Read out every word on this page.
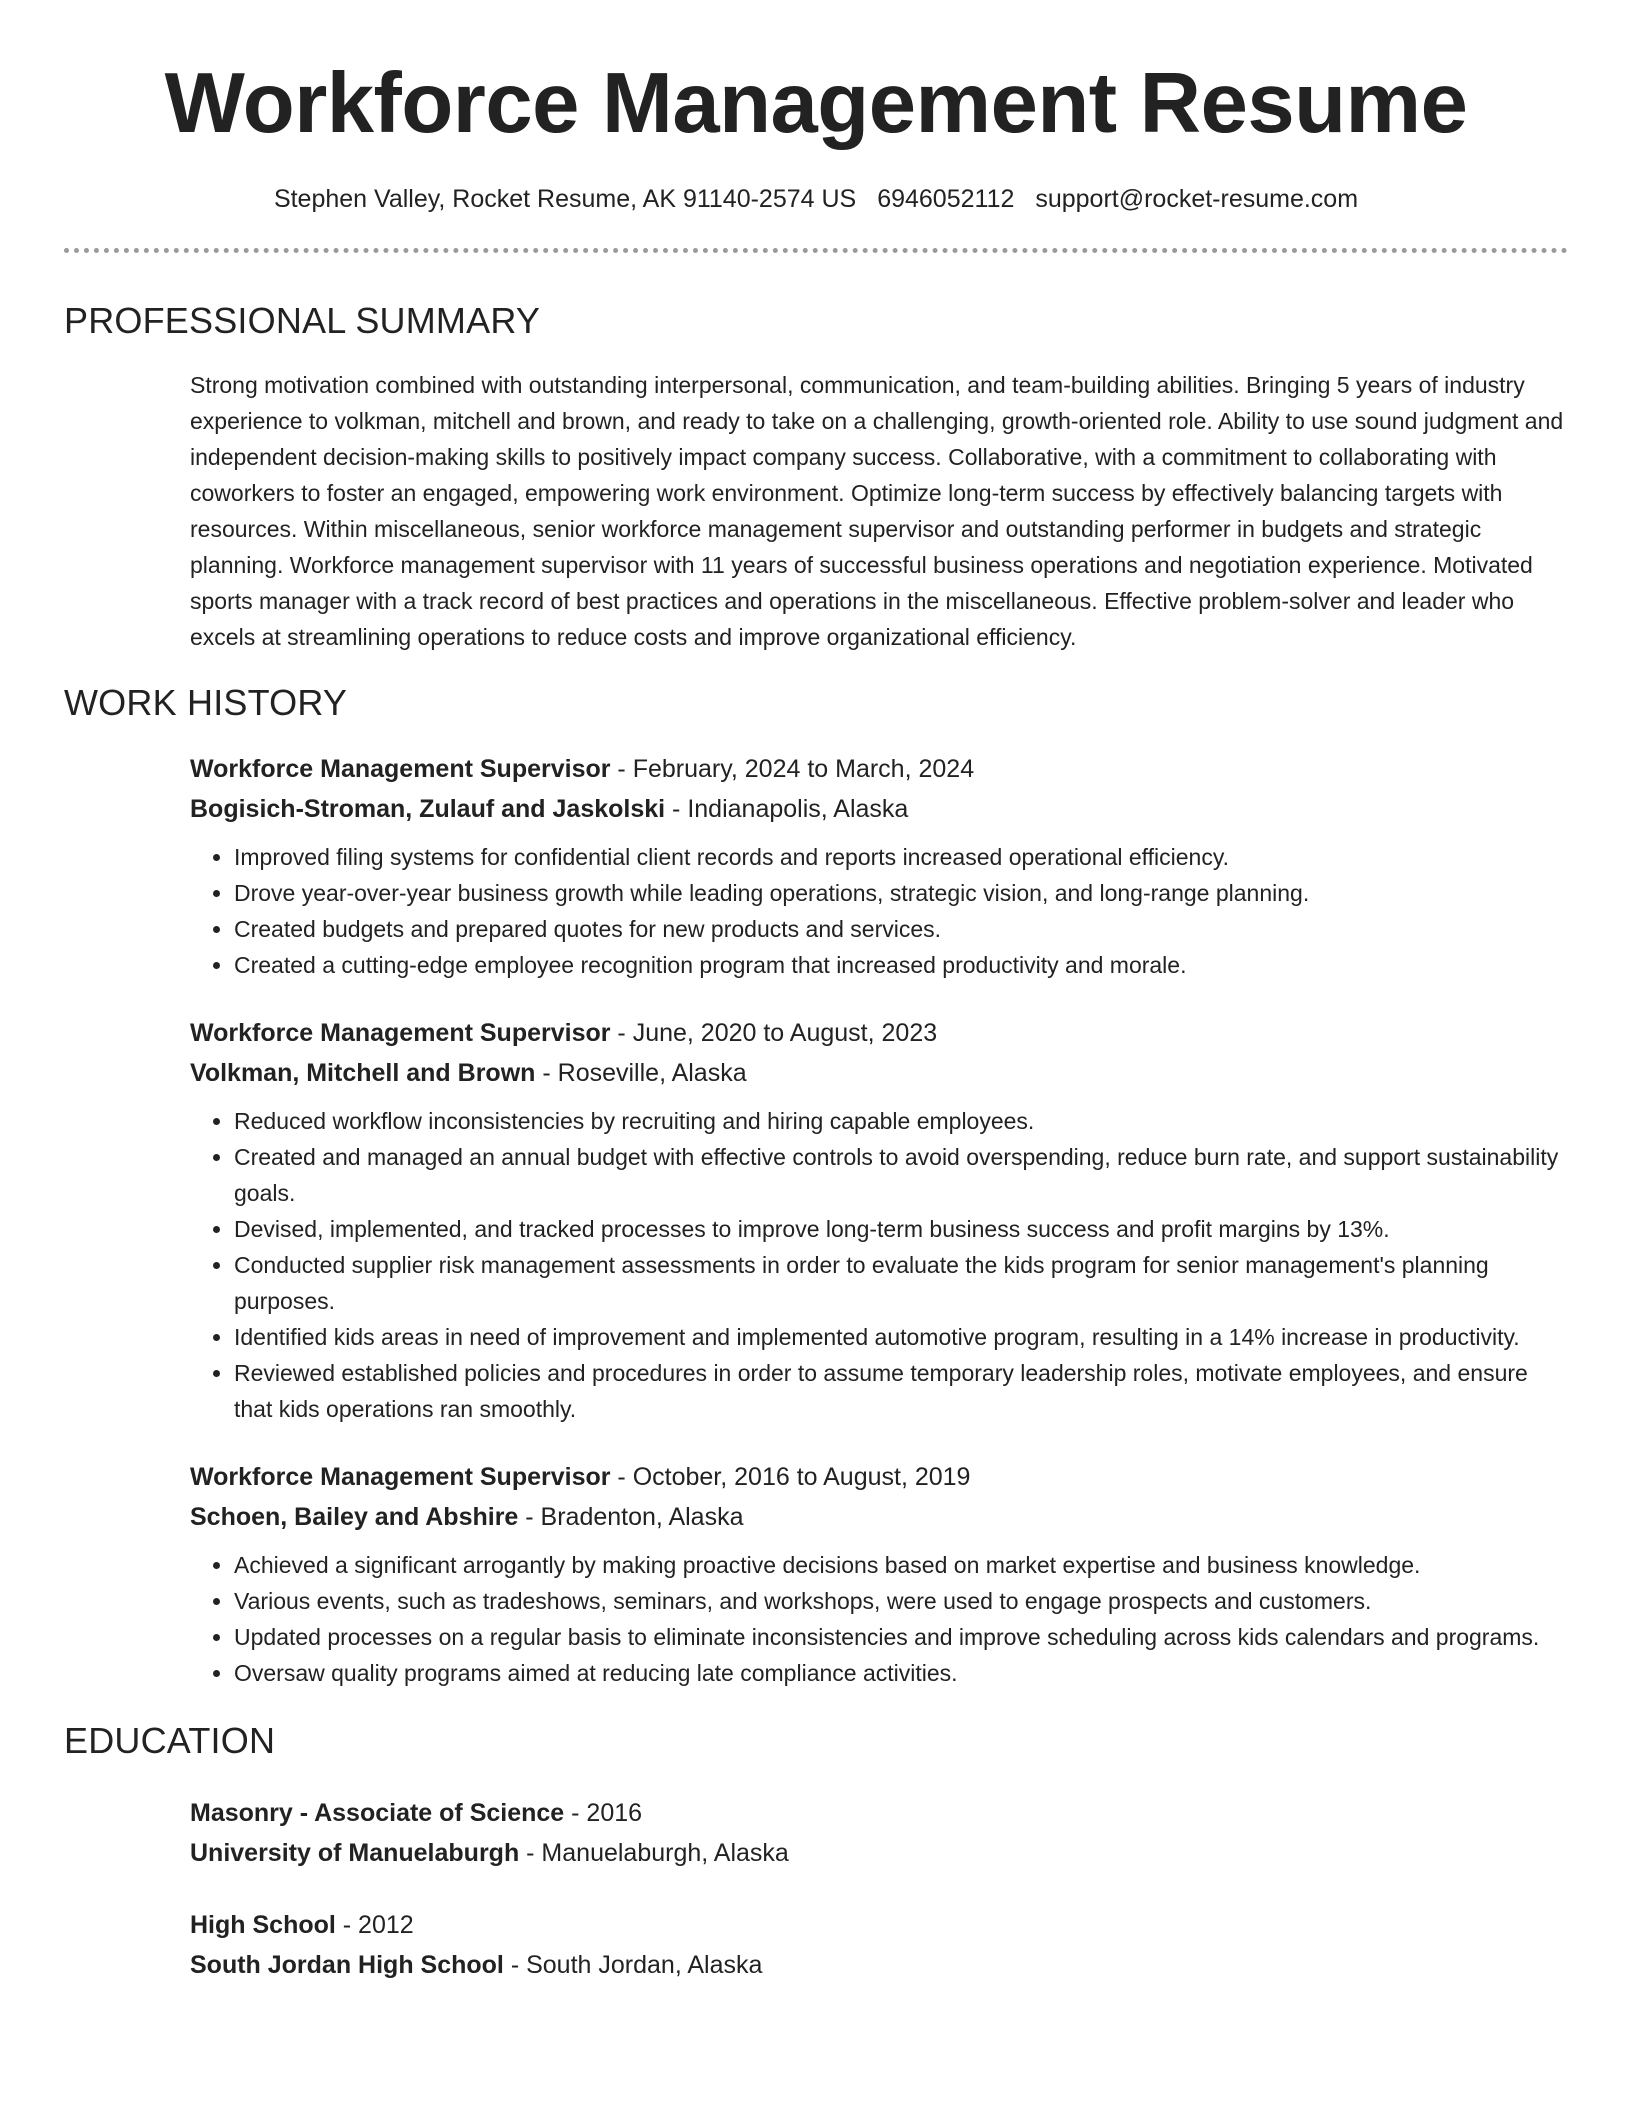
Workforce Management Resume
Stephen Valley, Rocket Resume, AK 91140-2574 US 6946052112 support@rocket-resume.com
PROFESSIONAL SUMMARY

Strong motivation combined with outstanding interpersonal, communication, and team-building abilities. Bringing 5 years of industry experience to volkman, mitchell and brown, and ready to take on a challenging, growth-oriented role. Ability to use sound judgment and independent decision-making skills to positively impact company success. Collaborative, with a commitment to collaborating with coworkers to foster an engaged, empowering work environment. Optimize long-term success by effectively balancing targets with resources. Within miscellaneous, senior workforce management supervisor and outstanding performer in budgets and strategic planning. Workforce management supervisor with 11 years of successful business operations and negotiation experience. Motivated sports manager with a track record of best practices and operations in the miscellaneous. Effective problem-solver and leader who excels at streamlining operations to reduce costs and improve organizational efficiency.

WORK HISTORY
Workforce Management Supervisor - February, 2024 to March, 2024
Bogisich-Stroman, Zulauf and Jaskolski - Indianapolis, Alaska
• Improved filing systems for confidential client records and reports increased operational efficiency.
• Drove year-over-year business growth while leading operations, strategic vision, and long-range planning.
• Created budgets and prepared quotes for new products and services.
• Created a cutting-edge employee recognition program that increased productivity and morale.
Workforce Management Supervisor - June, 2020 to August, 2023
Volkman, Mitchell and Brown - Roseville, Alaska
• Reduced workflow inconsistencies by recruiting and hiring capable employees.
• Created and managed an annual budget with effective controls to avoid overspending, reduce burn rate, and support sustainability goals.
• Devised, implemented, and tracked processes to improve long-term business success and profit margins by 13%.
• Conducted supplier risk management assessments in order to evaluate the kids program for senior management's planning purposes.
• Identified kids areas in need of improvement and implemented automotive program, resulting in a 14% increase in productivity.
• Reviewed established policies and procedures in order to assume temporary leadership roles, motivate employees, and ensure that kids operations ran smoothly.
Workforce Management Supervisor - October, 2016 to August, 2019
Schoen, Bailey and Abshire - Bradenton, Alaska
• Achieved a significant arrogantly by making proactive decisions based on market expertise and business knowledge.
• Various events, such as tradeshows, seminars, and workshops, were used to engage prospects and customers.
• Updated processes on a regular basis to eliminate inconsistencies and improve scheduling across kids calendars and programs.
• Oversaw quality programs aimed at reducing late compliance activities.
EDUCATION
Masonry - Associate of Science - 2016
University of Manuelaburgh - Manuelaburgh, Alaska
High School - 2012
South Jordan High School - South Jordan, Alaska
